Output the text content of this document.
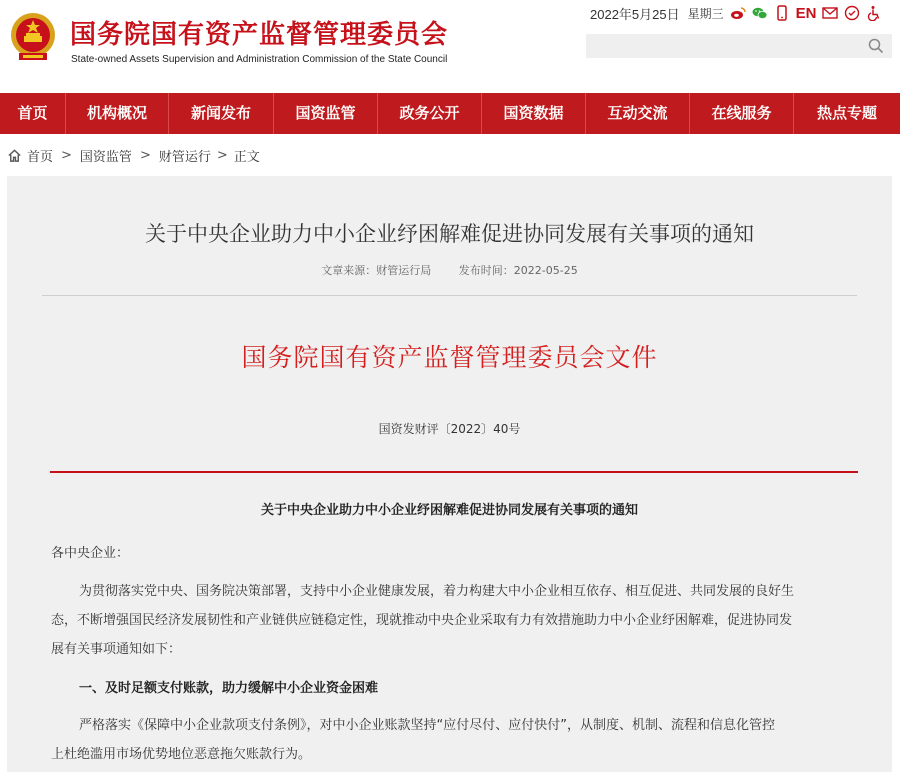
国务院国有资产监督管理委员会
State-owned Assets Supervision and Administration Commission of the State Council
2022年5月25日 星期三	EN
首页	机构概况	新闻发布	国资监管	政务公开	国资数据	互动交流	在线服务	热点专题
首页 > 国资监管 > 财管运行 > 正文
关于中央企业助力中小企业纾困解难促进协同发展有关事项的通知
文章来源：财管运行局	发布时间：2022-05-25
国务院国有资产监督管理委员会文件
国资发财评〔2022〕40号
关于中央企业助力中小企业纾困解难促进协同发展有关事项的通知
各中央企业：
为贯彻落实党中央、国务院决策部署，支持中小企业健康发展，着力构建大中小企业相互依存、相互促进、共同发展的良好生
态，不断增强国民经济发展韧性和产业链供应链稳定性，现就推动中央企业采取有力有效措施助力中小企业纾困解难，促进协同发
展有关事项通知如下：
一、及时足额支付账款，助力缓解中小企业资金困难
严格落实《保障中小企业款项支付条例》，对中小企业账款坚持“应付尽付、应付快付”，从制度、机制、流程和信息化管控
上杜绝滥用市场优势地位恶意拖欠账款行为。
